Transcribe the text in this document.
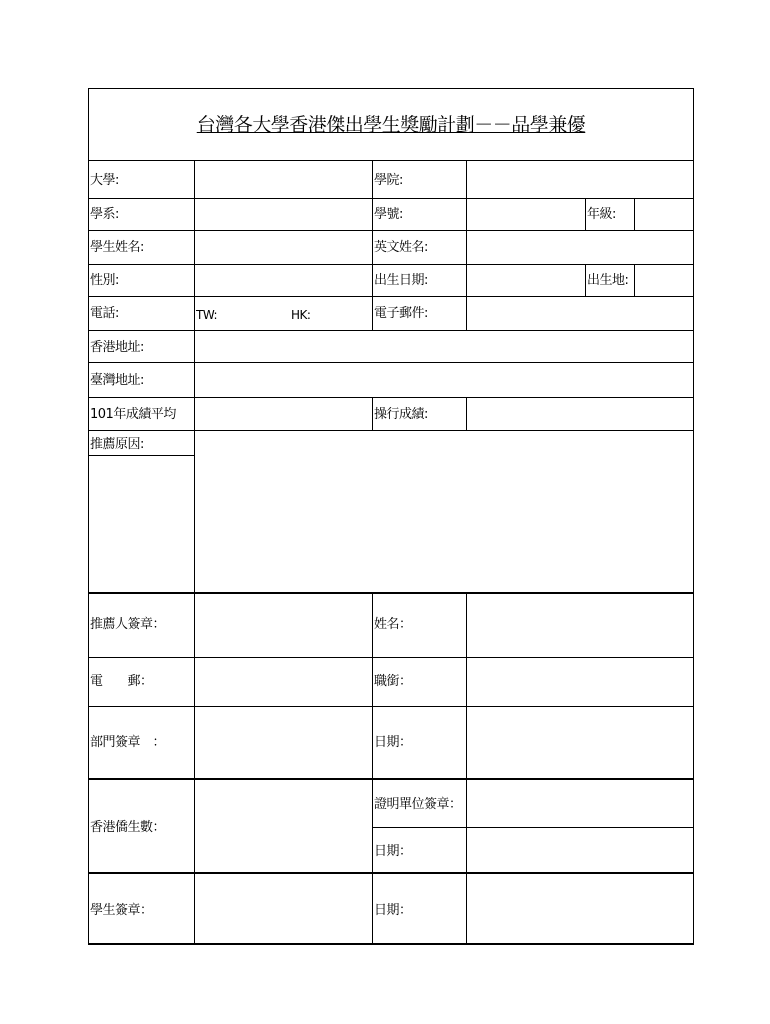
台灣各大學香港傑出學生獎勵計劃－－品學兼優
大學:	學院:
學系:	學號:	年級:
學生姓名:	英文姓名:
性別:	出生日期:	出生地:
電話:	TW:	HK:	電子郵件:
香港地址:
臺灣地址:
101年成績平均	操行成績:
推薦原因:
推薦人簽章：	姓名：
電　　郵：	職銜：
部門簽章　：	日期：
香港僑生數：
證明單位簽章：
日期：
學生簽章：	日期：
